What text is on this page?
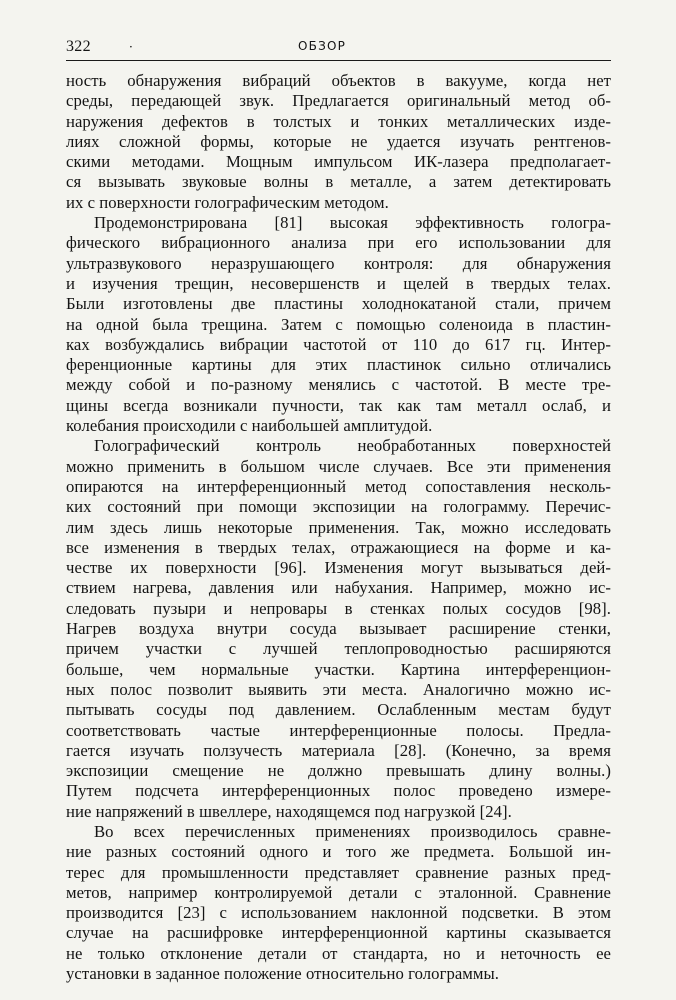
322	·	ОБЗОР
ность обнаружения вибраций объектов в вакууме, когда нет
среды, передающей звук. Предлагается оригинальный метод об-
наружения дефектов в толстых и тонких металлических изде-
лиях сложной формы, которые не удается изучать рентгенов-
скими методами. Мощным импульсом ИК-лазера предполагает-
ся вызывать звуковые волны в металле, а затем детектировать
их с поверхности голографическим методом.
Продемонстрирована [81] высокая эффективность гологра-
фического вибрационного анализа при его использовании для
ультразвукового неразрушающего контроля: для обнаружения
и изучения трещин, несовершенств и щелей в твердых телах.
Были изготовлены две пластины холоднокатаной стали, причем
на одной была трещина. Затем с помощью соленоида в пластин-
ках возбуждались вибрации частотой от 110 до 617 гц. Интер-
ференционные картины для этих пластинок сильно отличались
между собой и по-разному менялись с частотой. В месте тре-
щины всегда возникали пучности, так как там металл ослаб, и
колебания происходили с наибольшей амплитудой.
Голографический контроль необработанных поверхностей
можно применить в большом числе случаев. Все эти применения
опираются на интерференционный метод сопоставления несколь-
ких состояний при помощи экспозиции на голограмму. Перечис-
лим здесь лишь некоторые применения. Так, можно исследовать
все изменения в твердых телах, отражающиеся на форме и ка-
честве их поверхности [96]. Изменения могут вызываться дей-
ствием нагрева, давления или набухания. Например, можно ис-
следовать пузыри и непровары в стенках полых сосудов [98].
Нагрев воздуха внутри сосуда вызывает расширение стенки,
причем участки с лучшей теплопроводностью расширяются
больше, чем нормальные участки. Картина интерференцион-
ных полос позволит выявить эти места. Аналогично можно ис-
пытывать сосуды под давлением. Ослабленным местам будут
соответствовать частые интерференционные полосы. Предла-
гается изучать ползучесть материала [28]. (Конечно, за время
экспозиции смещение не должно превышать длину волны.)
Путем подсчета интерференционных полос проведено измере-
ние напряжений в швеллере, находящемся под нагрузкой [24].
Во всех перечисленных применениях производилось сравне-
ние разных состояний одного и того же предмета. Большой ин-
терес для промышленности представляет сравнение разных пред-
метов, например контролируемой детали с эталонной. Сравнение
производится [23] с использованием наклонной подсветки. В этом
случае на расшифровке интерференционной картины сказывается
не только отклонение детали от стандарта, но и неточность ее
установки в заданное положение относительно голограммы.
